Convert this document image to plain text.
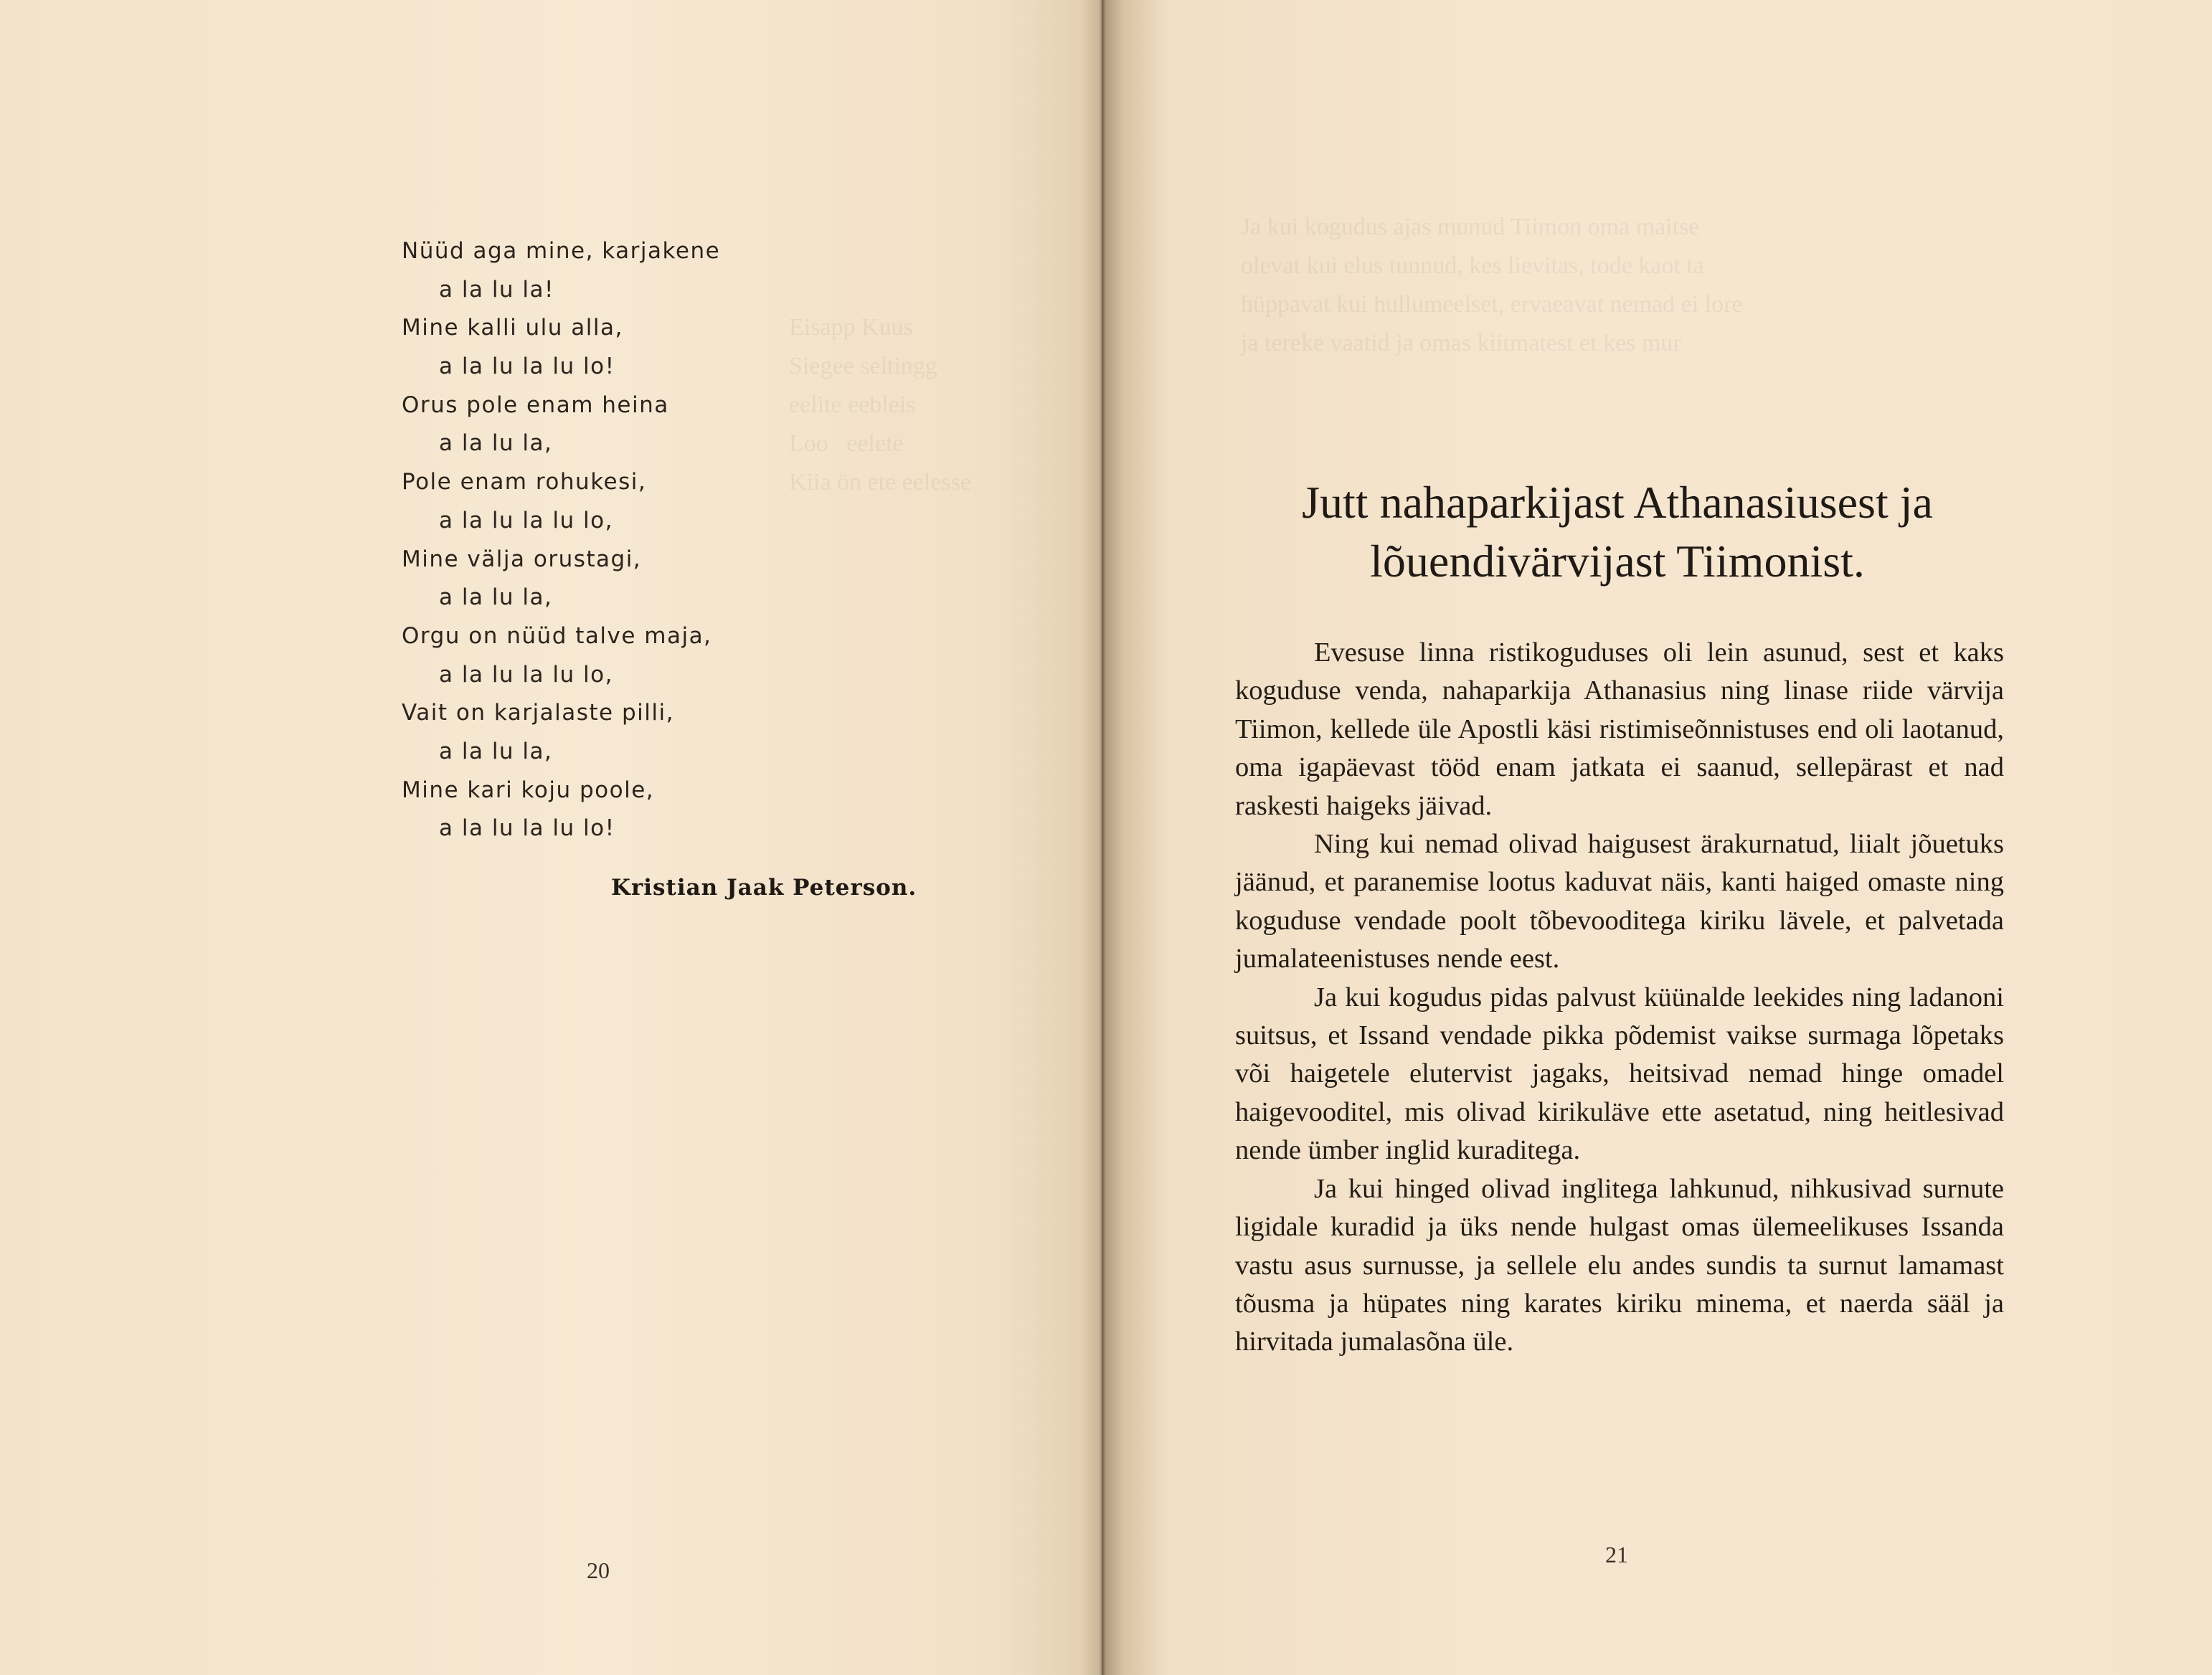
Eisapp Kuus
Siegee seltingg
eelite eebleis
Loo   eelete
Kiia ön ete eelesse
Nüüd aga mine, karjakene
a la lu la!
Mine kalli ulu alla,
a la lu la lu lo!
Orus pole enam heina
a la lu la,
Pole enam rohukesi,
a la lu la lu lo,
Mine välja orustagi,
a la lu la,
Orgu on nüüd talve maja,
a la lu la lu lo,
Vait on karjalaste pilli,
a la lu la,
Mine kari koju poole,
a la lu la lu lo!
Kristian Jaak Peterson.
20
Ja kui kogudus ajas munud Tiimon oma maitse
olevat kui elus tunnud, kes lievitas, tode kaot ta
hüppavat kui hullumeelset, ervaeavat nemad ei lore
ja tereke vaatid ja omas kiitmatest et kes mur
Jutt nahaparkijast Athanasiusest ja
lõuendivärvijast Tiimonist.

Evesuse linna ristikoguduses oli lein asunud, sest et kaks koguduse venda, nahaparkija Athanasius ning linase riide värvija Tiimon, kellede üle Apostli käsi ristimiseõnnistuses end oli laotanud, oma igapäevast tööd enam jatkata ei saanud, sellepärast et nad raskesti haigeks jäivad.

Ning kui nemad olivad haigusest ärakurnatud, liialt jõuetuks jäänud, et paranemise lootus kaduvat näis, kanti haiged omaste ning koguduse vendade poolt tõbevooditega kiriku lävele, et palvetada jumalateenistuses nende eest.

Ja kui kogudus pidas palvust küünalde leekides ning ladanoni suitsus, et Issand vendade pikka põdemist vaikse surmaga lõpetaks või haigetele elutervist jagaks, heitsivad nemad hinge omadel haigevooditel, mis olivad kirikuläve ette asetatud, ning heitlesivad nende ümber inglid kuraditega.

Ja kui hinged olivad inglitega lahkunud, nihkusivad surnute ligidale kuradid ja üks nende hulgast omas ülemeelikuses Issanda vastu asus surnusse, ja sellele elu andes sundis ta surnut lamamast tõusma ja hüpates ning karates kiriku minema, et naerda sääl ja hirvitada jumalasõna üle.

21
